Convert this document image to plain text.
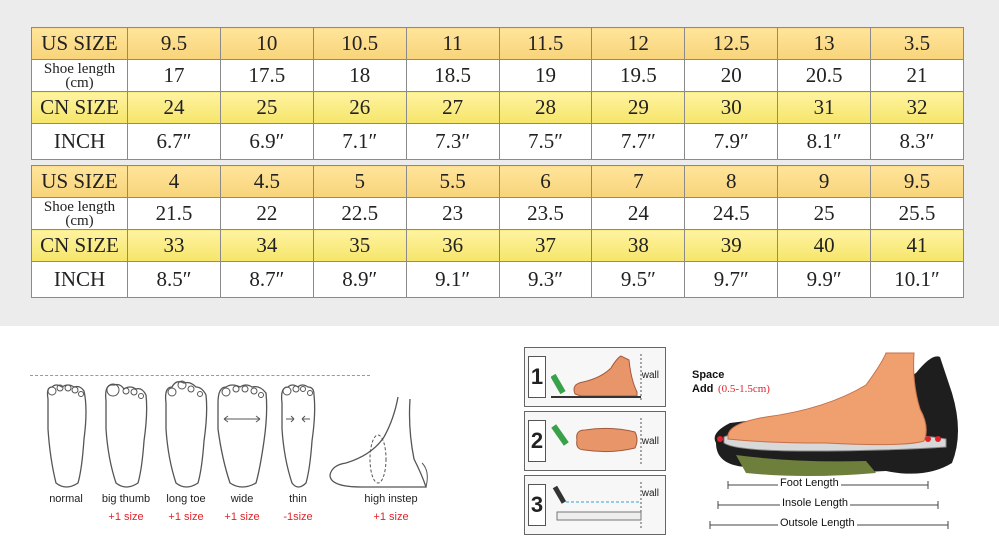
US SIZE	9.5	10	10.5	11	11.5	12	12.5	13	3.5
Shoe length (cm)	17	17.5	18	18.5	19	19.5	20	20.5	21
CN SIZE	24	25	26	27	28	29	30	31	32
INCH	6.7″	6.9″	7.1″	7.3″	7.5″	7.7″	7.9″	8.1″	8.3″
US SIZE	4	4.5	5	5.5	6	7	8	9	9.5
Shoe length (cm)	21.5	22	22.5	23	23.5	24	24.5	25	25.5
CN SIZE	33	34	35	36	37	38	39	40	41
INCH	8.5″	8.7″	8.9″	9.1″	9.3″	9.5″	9.7″	9.9″	10.1″
normal	big thumb
+1 size
long toe
+1 size
wide
+1 size
thin
-1size
high instep
+1 size
1	wall
2	wall
3	wall
Space
Add (0.5-1.5cm)
Foot Length
Insole Length
Outsole Length
